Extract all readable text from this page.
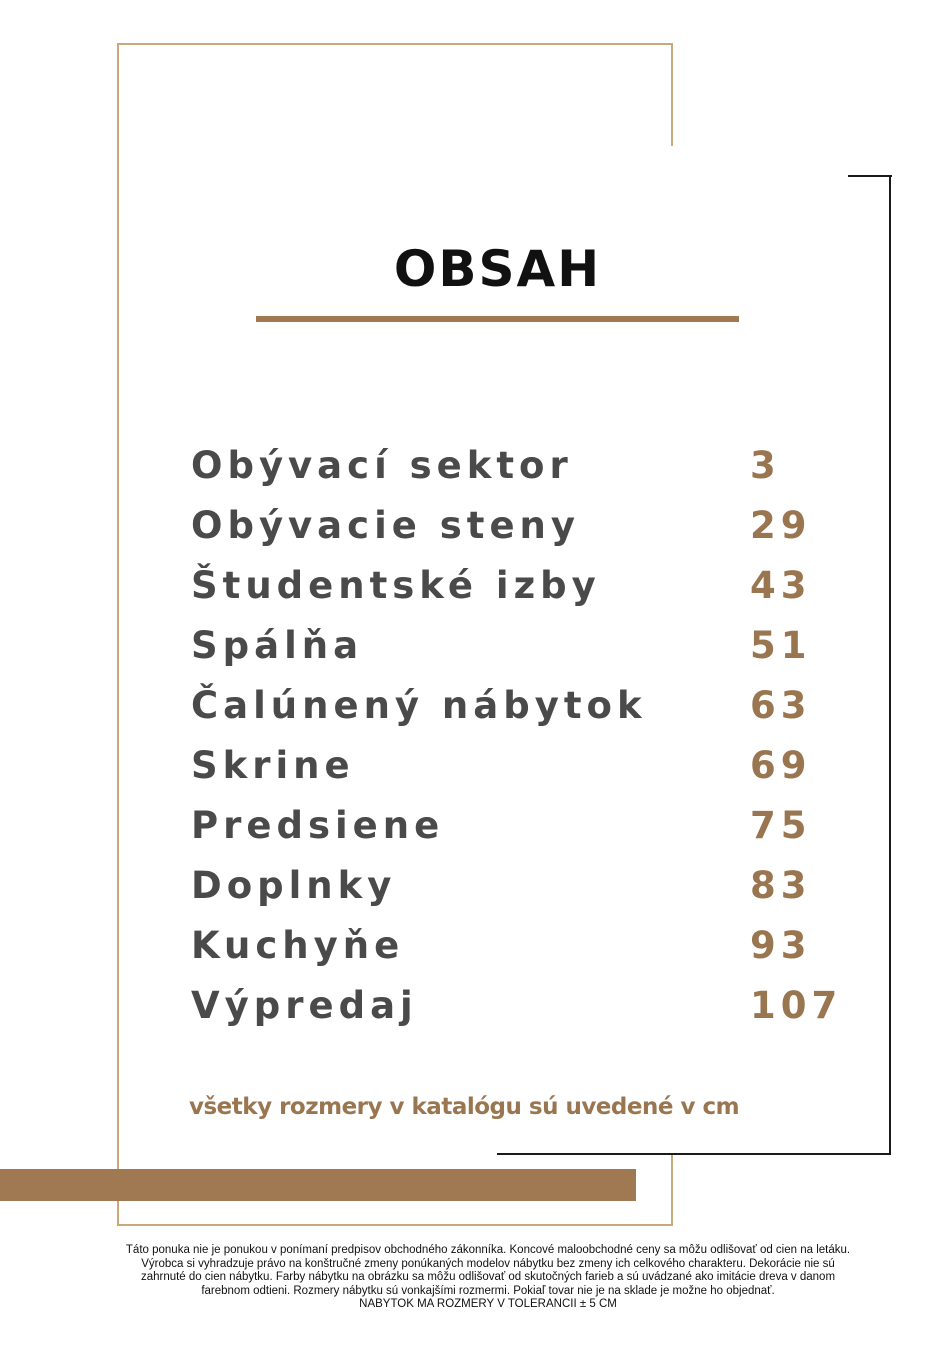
OBSAH
Obývací sektor	3
Obývacie steny	29
Študentské izby	43
Spálňa	51
Čalúnený nábytok	63
Skrine	69
Predsiene	75
Doplnky	83
Kuchyňe	93
Výpredaj	107
všetky rozmery v katalógu sú uvedené v cm

Táto ponuka nie je ponukou v ponímaní predpisov obchodného zákonníka. Koncové maloobchodné ceny sa môžu odlišovať od cien na letáku.

Výrobca si vyhradzuje právo na konštručné zmeny ponúkaných modelov nábytku bez zmeny ich celkového charakteru. Dekorácie nie sú

zahrnuté do cien nábytku. Farby nábytku na obrázku sa môžu odlišovať od skutočných farieb a sú uvádzané ako imitácie dreva v danom

farebnom odtieni. Rozmery nábytku sú vonkajšími rozmermi. Pokiaľ tovar nie je na sklade je možne ho objednať.

NABYTOK MA ROZMERY V TOLERANCII ± 5 CM
